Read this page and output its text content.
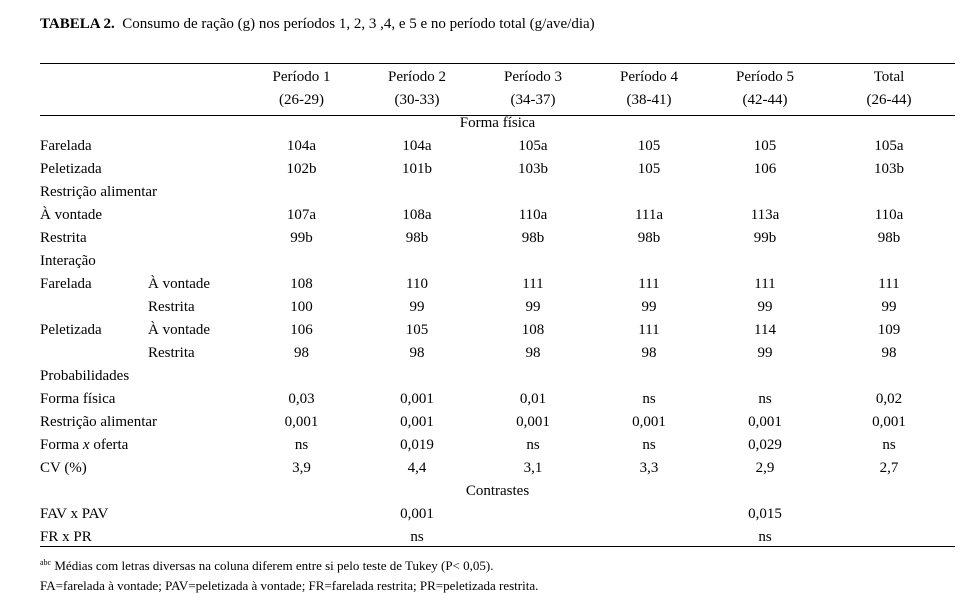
TABELA 2. Consumo de ração (g) nos períodos 1, 2, 3 ,4, e 5 e no período total (g/ave/dia)
		Período 1	Período 2	Período 3	Período 4	Período 5	Total
		(26-29)	(30-33)	(34-37)	(38-41)	(42-44)	(26-44)
Forma física							
Farelada		104a	104a	105a	105	105	105a
Peletizada		102b	101b	103b	105	106	103b
Restrição alimentar							
À vontade		107a	108a	110a	111a	113a	110a
Restrita		99b	98b	98b	98b	99b	98b
Interação							
Farelada	À vontade	108	110	111	111	111	111
	Restrita	100	99	99	99	99	99
Peletizada	À vontade	106	105	108	111	114	109
	Restrita	98	98	98	98	99	98
Probabilidades							
Forma física		0,03	0,001	0,01	ns	ns	0,02
Restrição alimentar		0,001	0,001	0,001	0,001	0,001	0,001
Forma x oferta		ns	0,019	ns	ns	0,029	ns
CV (%)		3,9	4,4	3,1	3,3	2,9	2,7
Contrastes							
FAV x PAV			0,001			0,015	
FR x PR			ns			ns	
$^{abc}$ Médias com letras diversas na coluna diferem entre si pelo teste de Tukey (P< 0,05).
FA=farelada à vontade; PAV=peletizada à vontade; FR=farelada restrita; PR=peletizada restrita.
